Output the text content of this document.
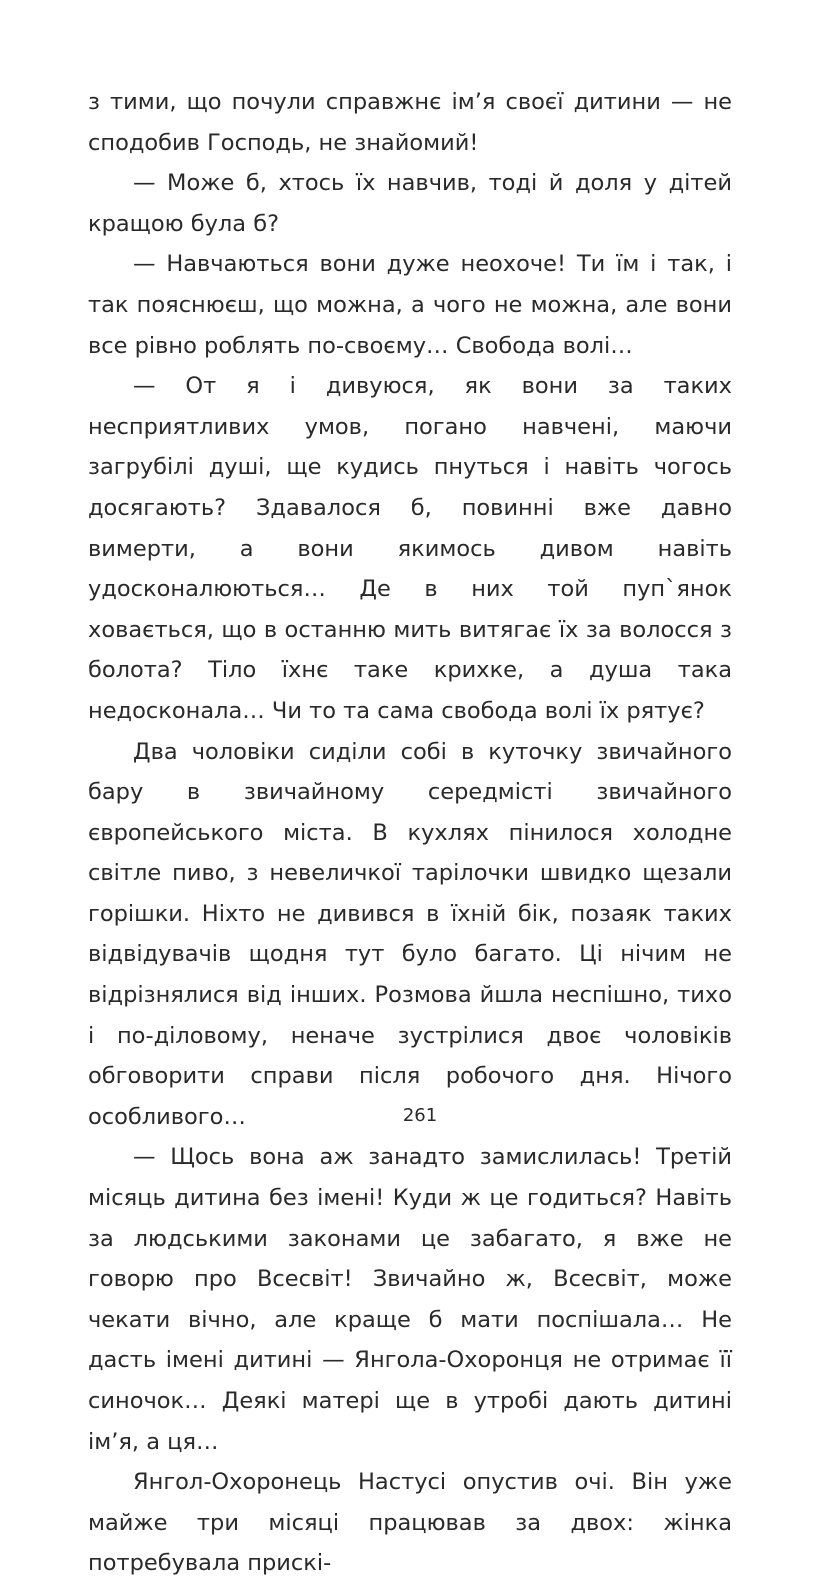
з тими, що почули справжнє ім’я своєї дитини — не сподобив Господь, не знайомий!

— Може б, хтось їх навчив, тоді й доля у дітей кращою була б?

— Навчаються вони дуже неохоче! Ти їм і так, і так пояснюєш, що можна, а чого не можна, але вони все рівно роблять по-своєму… Свобода волі…

— От я і дивуюся, як вони за таких несприятливих умов, погано навчені, маючи загрубілі душі, ще кудись пнуться і навіть чогось досягають? Здавалося б, повинні вже давно вимерти, а вони якимось дивом навіть удосконалюються… Де в них той пуп`янок ховається, що в останню мить витягає їх за волосся з болота? Тіло їхнє таке крихке, а душа така недосконала… Чи то та сама свобода волі їх рятує?

Два чоловіки сиділи собі в куточку звичайного бару в звичайному середмісті звичайного європейського міста. В кухлях пінилося холодне світле пиво, з невеличкої тарілочки швидко щезали горішки. Ніхто не дивився в їхній бік, позаяк таких відвідувачів щодня тут було багато. Ці нічим не відрізнялися від інших. Розмова йшла неспішно, тихо і по-діловому, неначе зустрілися двоє чоловіків обговорити справи після робочого дня. Нічого особливого…

— Щось вона аж занадто замислилась! Третій місяць дитина без імені! Куди ж це годиться? Навіть за людськими законами це забагато, я вже не говорю про Всесвіт! Звичайно ж, Всесвіт, може чекати вічно, але краще б мати поспішала… Не дасть імені дитині — Янгола-Охоронця не отримає її синочок… Деякі матері ще в утробі дають дитині ім’я, а ця…

Янгол-Охоронець Настусі опустив очі. Він уже майже три місяці працював за двох: жінка потребувала прискі-

261
